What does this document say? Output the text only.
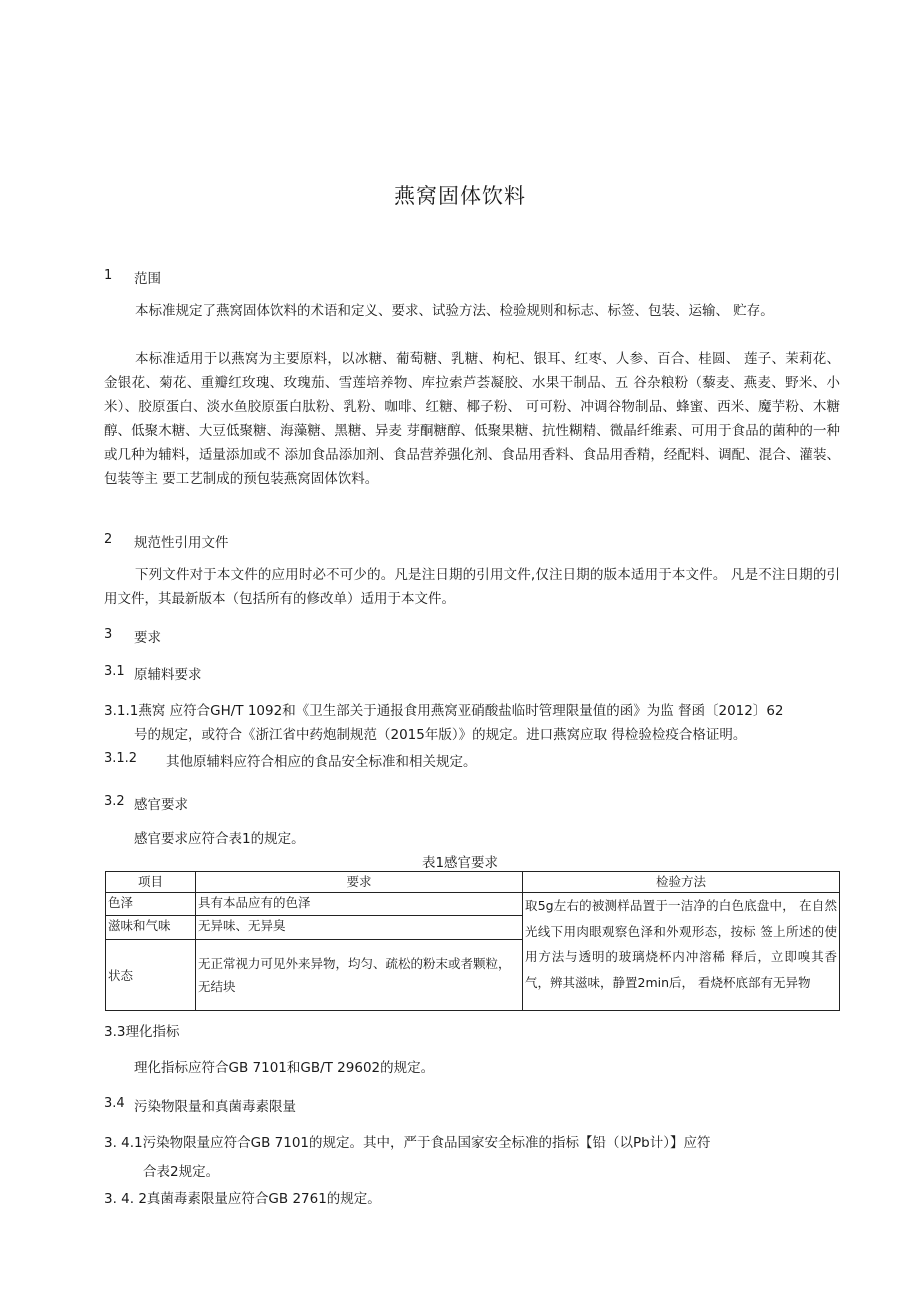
燕窝固体饮料
1 范围
本标准规定了燕窝固体饮料的术语和定义、要求、试验方法、检验规则和标志、标签、包装、运输、 贮存。
本标准适用于以燕窝为主要原料，以冰糖、葡萄糖、乳糖、枸杞、银耳、红枣、人参、百合、桂圆、 莲子、茉莉花、金银花、菊花、重瓣红玫瑰、玫瑰茄、雪莲培养物、库拉索芦荟凝胶、水果干制品、五 谷杂粮粉（藜麦、燕麦、野米、小米）、胶原蛋白、淡水鱼胶原蛋白肽粉、乳粉、咖啡、红糖、椰子粉、 可可粉、冲调谷物制品、蜂蜜、西米、魔芋粉、木糖醇、低聚木糖、大豆低聚糖、海藻糖、黑糖、异麦 芽酮糖醇、低聚果糖、抗性糊精、微晶纤维素、可用于食品的菌种的一种或几种为辅料，适量添加或不 添加食品添加剂、食品营养强化剂、食品用香料、食品用香精，经配料、调配、混合、灌装、包装等主 要工艺制成的预包装燕窝固体饮料。
2 规范性引用文件
下列文件对于本文件的应用时必不可少的。凡是注日期的引用文件,仅注日期的版本适用于本文件。 凡是不注日期的引用文件，其最新版本（包括所有的修改单）适用于本文件。
3 要求
3.1 原辅料要求
3.1.1燕窝 应符合GH/T 1092和《卫生部关于通报食用燕窝亚硝酸盐临时管理限量值的函》为监 督函〔2012〕62
号的规定，或符合《浙江省中药炮制规范（2015年版）》的规定。进口燕窝应取 得检验检疫合格证明。
3.1.2 其他原辅料应符合相应的食品安全标准和相关规定。
3.2 感官要求
感官要求应符合表1的规定。
表1感官要求
项目	要求	检验方法
色泽	具有本品应有的色泽	取5g左右的被测样品置于一洁净的白色底盘中， 在自然光线下用肉眼观察色泽和外观形态，按标 签上所述的使用方法与透明的玻璃烧杯内冲溶稀 释后，立即嗅其香气，辨其滋味，静置2min后， 看烧杯底部有无异物
滋味和气味	无异味、无异臭	
状态	无正常视力可见外来异物，均匀、疏松的粉末或者颗粒，无结块	
3.3理化指标
理化指标应符合GB 7101和GB/T 29602的规定。
3.4 污染物限量和真菌毒素限量
3. 4.1污染物限量应符合GB 7101的规定。其中，严于食品国家安全标准的指标【铅（以Pb计）】应符
合表2规定。
3. 4. 2真菌毒素限量应符合GB 2761的规定。
